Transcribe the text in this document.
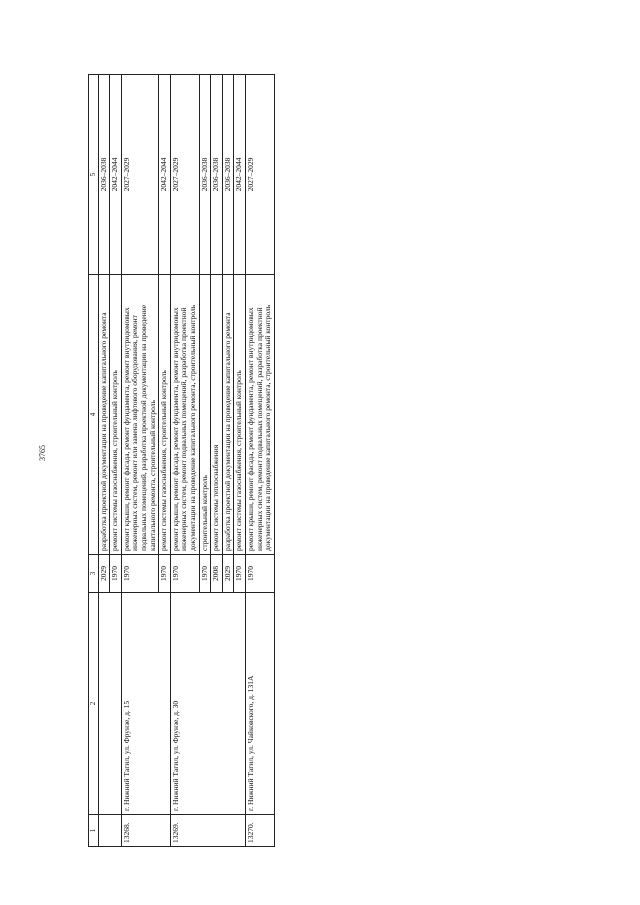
3765
1	2	3	4	5
		2029	разработка проектной документации на проведение капитального ремонта	2036–2038
		1970	ремонт системы газоснабжения, строительный контроль	2042–2044
13268.	г. Нижний Тагил, ул. Фрунзе, д. 15	1970	ремонт крыши, ремонт фасада, ремонт фундамента, ремонт внутридомовых инженерных систем, ремонт или замена лифтового оборудования, ремонт подвальных помещений, разработка проектной документации на проведение капитального ремонта, строительный контроль	2027–2029
		1970	ремонт системы газоснабжения, строительный контроль	2042–2044
13269.	г. Нижний Тагил, ул. Фрунзе, д. 30	1970	ремонт крыши, ремонт фасада, ремонт фундамента, ремонт внутридомовых инженерных систем, ремонт подвальных помещений, разработка проектной документации на проведение капитального ремонта, строительный контроль	2027–2029
		1970	строительный контроль	2036–2038
		2008	ремонт системы теплоснабжения	2036–2038
		2029	разработка проектной документации на проведение капитального ремонта	2036–2038
		1970	ремонт системы газоснабжения, строительный контроль	2042–2044
13270.	г. Нижний Тагил, ул. Чайковского, д. 131А	1970	ремонт крыши, ремонт фасада, ремонт фундамента, ремонт внутридомовых инженерных систем, ремонт подвальных помещений, разработка проектной документации на проведение капитального ремонта, строительный контроль	2027–2029
